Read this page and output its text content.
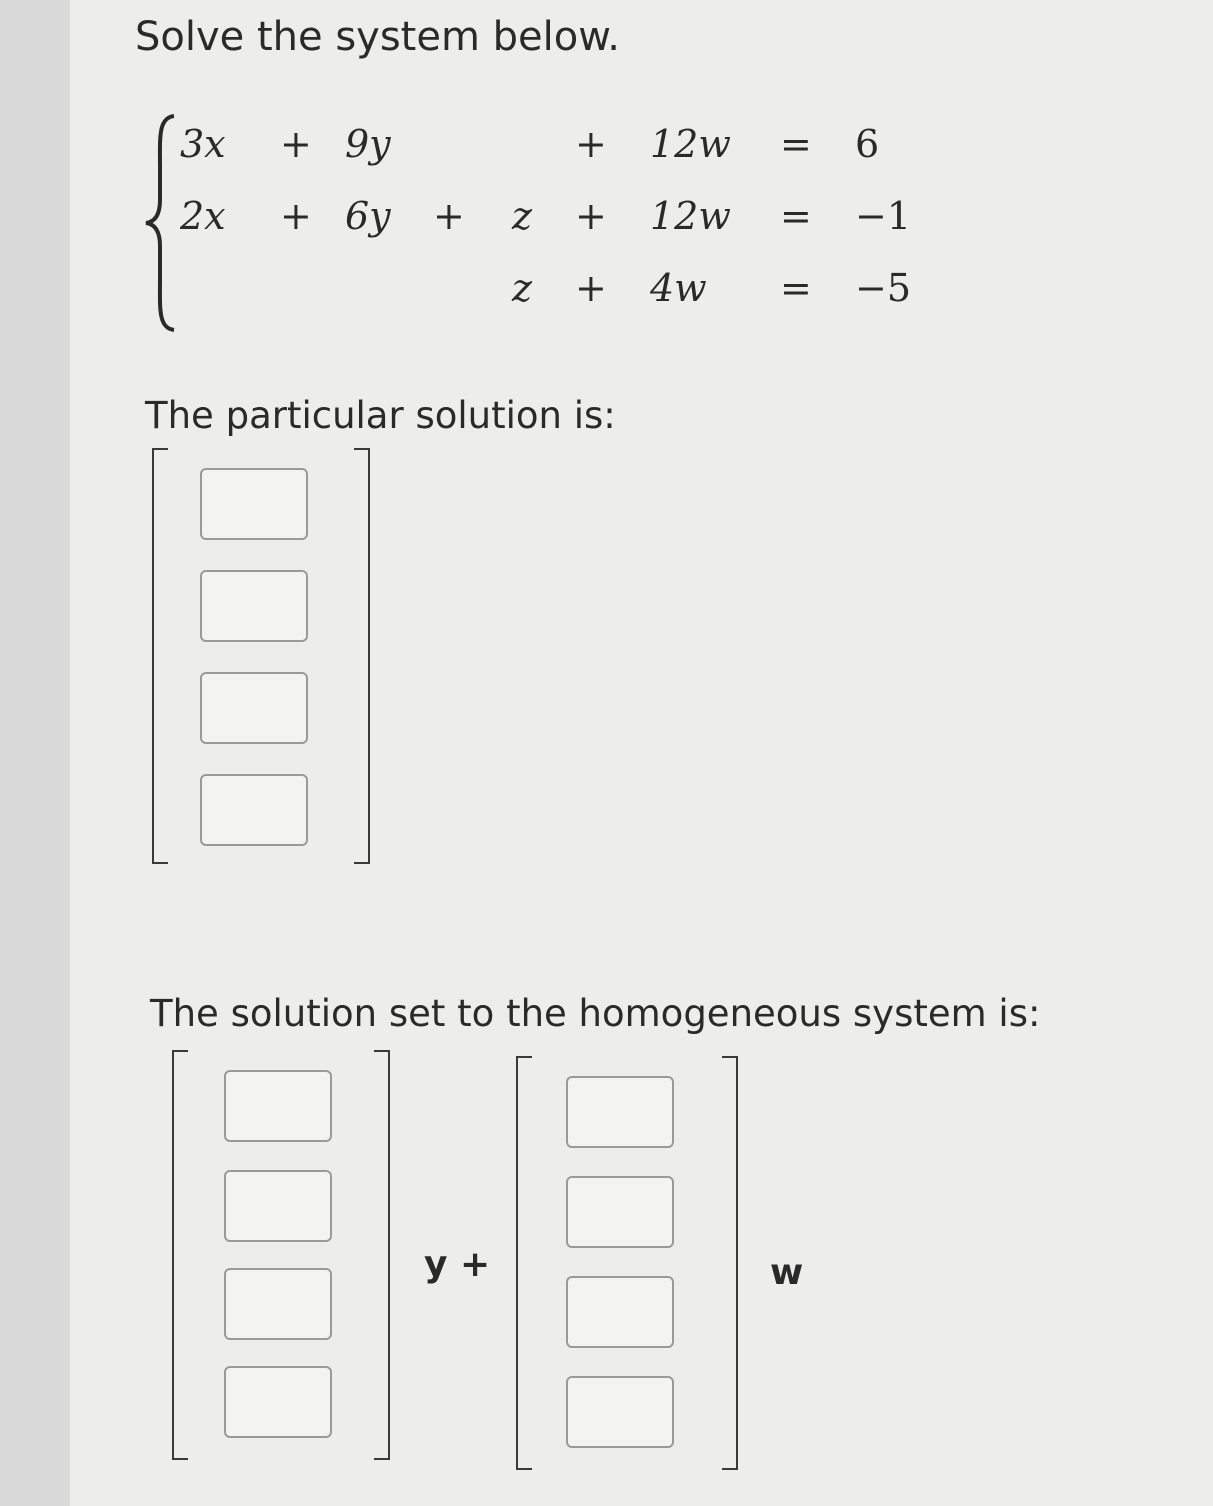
Solve the system below.
3x + 9y	+ 12w = 6
2x + 6y + z + 12w = −1
z + 4w = −5
The particular solution is:
The solution set to the homogeneous system is:
y +	w
